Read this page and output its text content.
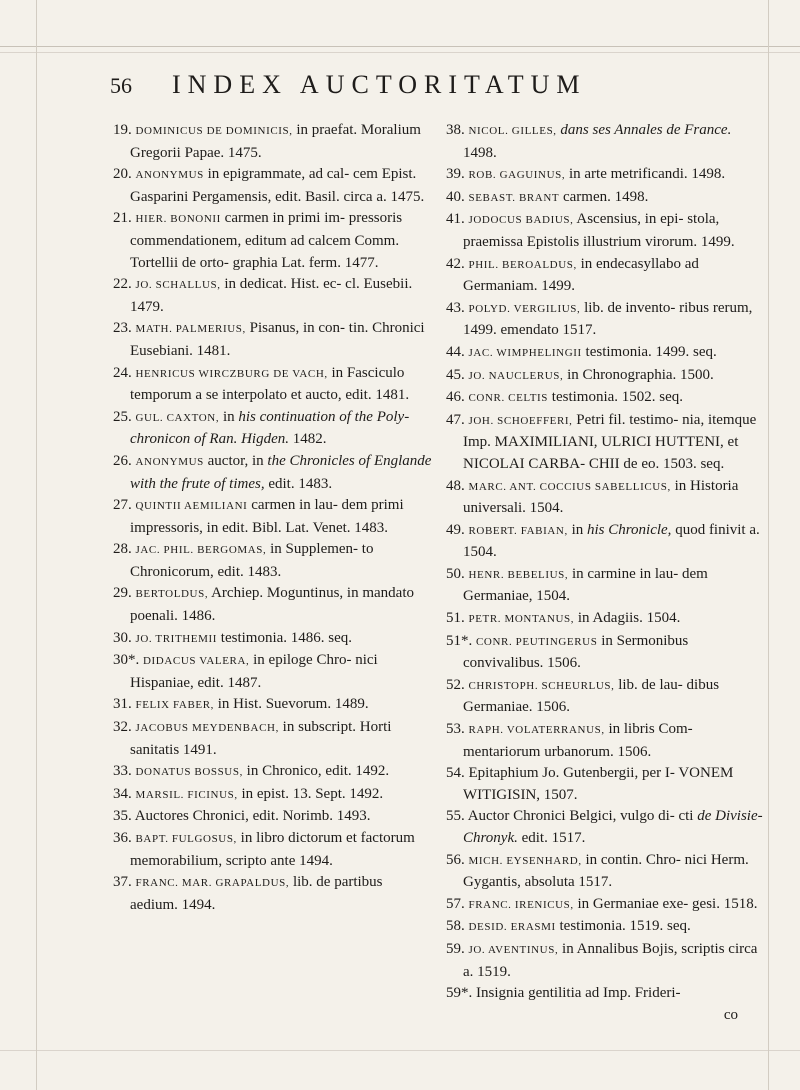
56 INDEX AUCTORITATUM

19. DOMINICUS DE DOMINICIS, in praefat. Moralium Gregorii Papae. 1475.

20. ANONYMUS in epigrammate, ad cal- cem Epist. Gasparini Pergamensis, edit. Basil. circa a. 1475.

21. HIER. BONONII carmen in primi im- pressoris commendationem, editum ad calcem Comm. Tortellii de orto- graphia Lat. ferm. 1477.

22. JO. SCHALLUS, in dedicat. Hist. ec- cl. Eusebii. 1479.

23. MATH. PALMERIUS, Pisanus, in con- tin. Chronici Eusebiani. 1481.

24. HENRICUS WIRCZBURG DE VACH, in Fasciculo temporum a se interpolato et aucto, edit. 1481.

25. GUL. CAXTON, in his continuation of the Poly-chronicon of Ran. Higden. 1482.

26. ANONYMUS auctor, in the Chronicles of Englande with the frute of times, edit. 1483.

27. QUINTII AEMILIANI carmen in lau- dem primi impressoris, in edit. Bibl. Lat. Venet. 1483.

28. JAC. PHIL. BERGOMAS, in Supplemen- to Chronicorum, edit. 1483.

29. BERTOLDUS, Archiep. Moguntinus, in mandato poenali. 1486.

30. JO. TRITHEMII testimonia. 1486. seq.

30*. DIDACUS VALERA, in epiloge Chro- nici Hispaniae, edit. 1487.

31. FELIX FABER, in Hist. Suevorum. 1489.

32. JACOBUS MEYDENBACH, in subscript. Horti sanitatis 1491.

33. DONATUS BOSSUS, in Chronico, edit. 1492.

34. MARSIL. FICINUS, in epist. 13. Sept. 1492.

35. Auctores Chronici, edit. Norimb. 1493.

36. BAPT. FULGOSUS, in libro dictorum et factorum memorabilium, scripto ante 1494.

37. FRANC. MAR. GRAPALDUS, lib. de partibus aedium. 1494.

38. NICOL. GILLES, dans ses Annales de France. 1498.

39. ROB. GAGUINUS, in arte metrificandi. 1498.

40. SEBAST. BRANT carmen. 1498.

41. JODOCUS BADIUS, Ascensius, in epi- stola, praemissa Epistolis illustrium virorum. 1499.

42. PHIL. BEROALDUS, in endecasyllabo ad Germaniam. 1499.

43. POLYD. VERGILIUS, lib. de invento- ribus rerum, 1499. emendato 1517.

44. JAC. WIMPHELINGII testimonia. 1499. seq.

45. JO. NAUCLERUS, in Chronographia. 1500.

46. CONR. CELTIS testimonia. 1502. seq.

47. JOH. SCHOEFFERI, Petri fil. testimo- nia, itemque Imp. MAXIMILIANI, ULRICI HUTTENI, et NICOLAI CARBA- CHII de eo. 1503. seq.

48. MARC. ANT. COCCIUS SABELLICUS, in Historia universali. 1504.

49. ROBERT. FABIAN, in his Chronicle, quod finivit a. 1504.

50. HENR. BEBELIUS, in carmine in lau- dem Germaniae, 1504.

51. PETR. MONTANUS, in Adagiis. 1504.

51*. CONR. PEUTINGERUS in Sermonibus convivalibus. 1506.

52. CHRISTOPH. SCHEURLUS, lib. de lau- dibus Germaniae. 1506.

53. RAPH. VOLATERRANUS, in libris Com- mentariorum urbanorum. 1506.

54. Epitaphium Jo. Gutenbergii, per I- VONEM WITIGISIN, 1507.

55. Auctor Chronici Belgici, vulgo di- cti de Divisie-Chronyk. edit. 1517.

56. MICH. EYSENHARD, in contin. Chro- nici Herm. Gygantis, absoluta 1517.

57. FRANC. IRENICUS, in Germaniae exe- gesi. 1518.

58. DESID. ERASMI testimonia. 1519. seq.

59. JO. AVENTINUS, in Annalibus Bojis, scriptis circa a. 1519.

59*. Insignia gentilitia ad Imp. Frideri-

co
